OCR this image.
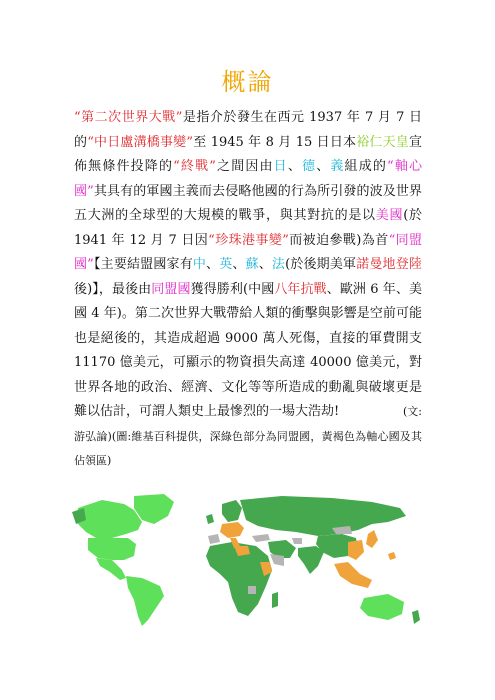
概論
“第二次世界大戰”是指介於發生在西元 1937 年 7 月 7 日的“中日盧溝橋事變”至 1945 年 8 月 15 日日本裕仁天皇宣佈無條件投降的“終戰”之間因由日、德、義組成的“軸心國”其具有的軍國主義而去侵略他國的行為所引發的波及世界五大洲的全球型的大規模的戰爭，與其對抗的是以美國(於 1941 年 12 月 7 日因“珍珠港事變”而被迫參戰)為首“同盟國”【主要結盟國家有中、英、蘇、法(於後期美軍諾曼地登陸後)】，最後由同盟國獲得勝利(中國八年抗戰、歐洲 6 年、美國 4 年)。第二次世界大戰帶給人類的衝擊與影響是空前可能也是絕後的，其造成超過 9000 萬人死傷，直接的軍費開支 11170 億美元，可顯示的物資損失高達 40000 億美元，對世界各地的政治、經濟、文化等等所造成的動亂與破壞更是難以估計，可謂人類史上最慘烈的一場大浩劫!	(文:
游弘論)(圖:維基百科提供，深綠色部分為同盟國，黃褐色為軸心國及其佔領區)
